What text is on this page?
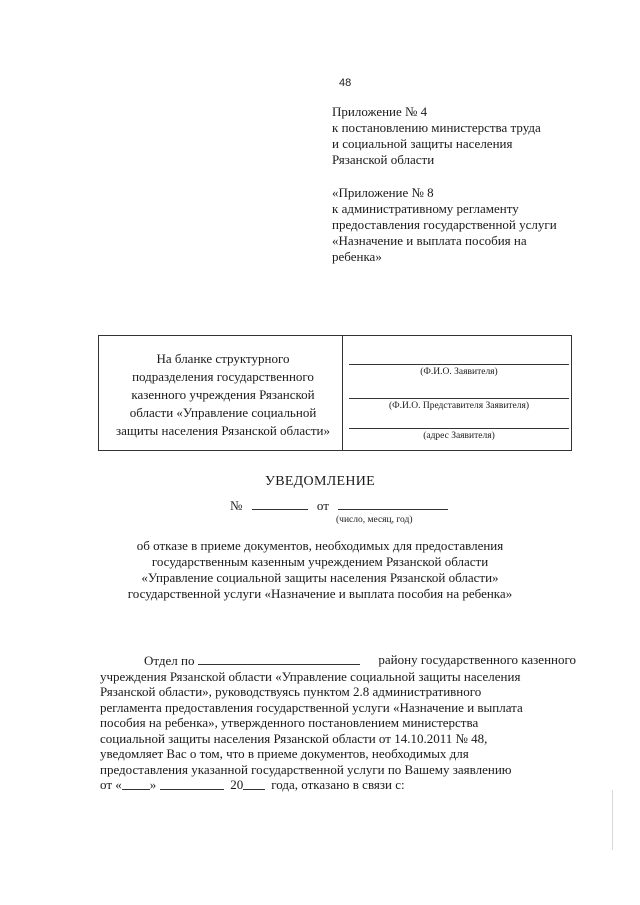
48
Приложение № 4
к постановлению министерства труда
и социальной защиты населения
Рязанской области
«Приложение № 8
к административному регламенту
предоставления государственной услуги
«Назначение и выплата пособия на
ребенка»
На бланке структурного
подразделения государственного
казенного учреждения Рязанской
области «Управление социальной
защиты населения Рязанской области»
(Ф.И.О. Заявителя)
(Ф.И.О. Представителя Заявителя)
(адрес Заявителя)
УВЕДОМЛЕНИЕ
№	от
(число, месяц, год)
об отказе в приеме документов, необходимых для предоставления
государственным казенным учреждением Рязанской области
«Управление социальной защиты населения Рязанской области»
государственной услуги «Назначение и выплата пособия на ребенка»
Отдел по	району государственного казенного
учреждения Рязанской области «Управление социальной защиты населения
Рязанской области», руководствуясь пунктом 2.8 административного
регламента предоставления государственной услуги «Назначение и выплата
пособия на ребенка», утвержденного постановлением министерства
социальной защиты населения Рязанской области от 14.10.2011 № 48,
уведомляет Вас о том, что в приеме документов, необходимых для
предоставления указанной государственной услуги по Вашему заявлению
от « »	20 года, отказано в связи с:
